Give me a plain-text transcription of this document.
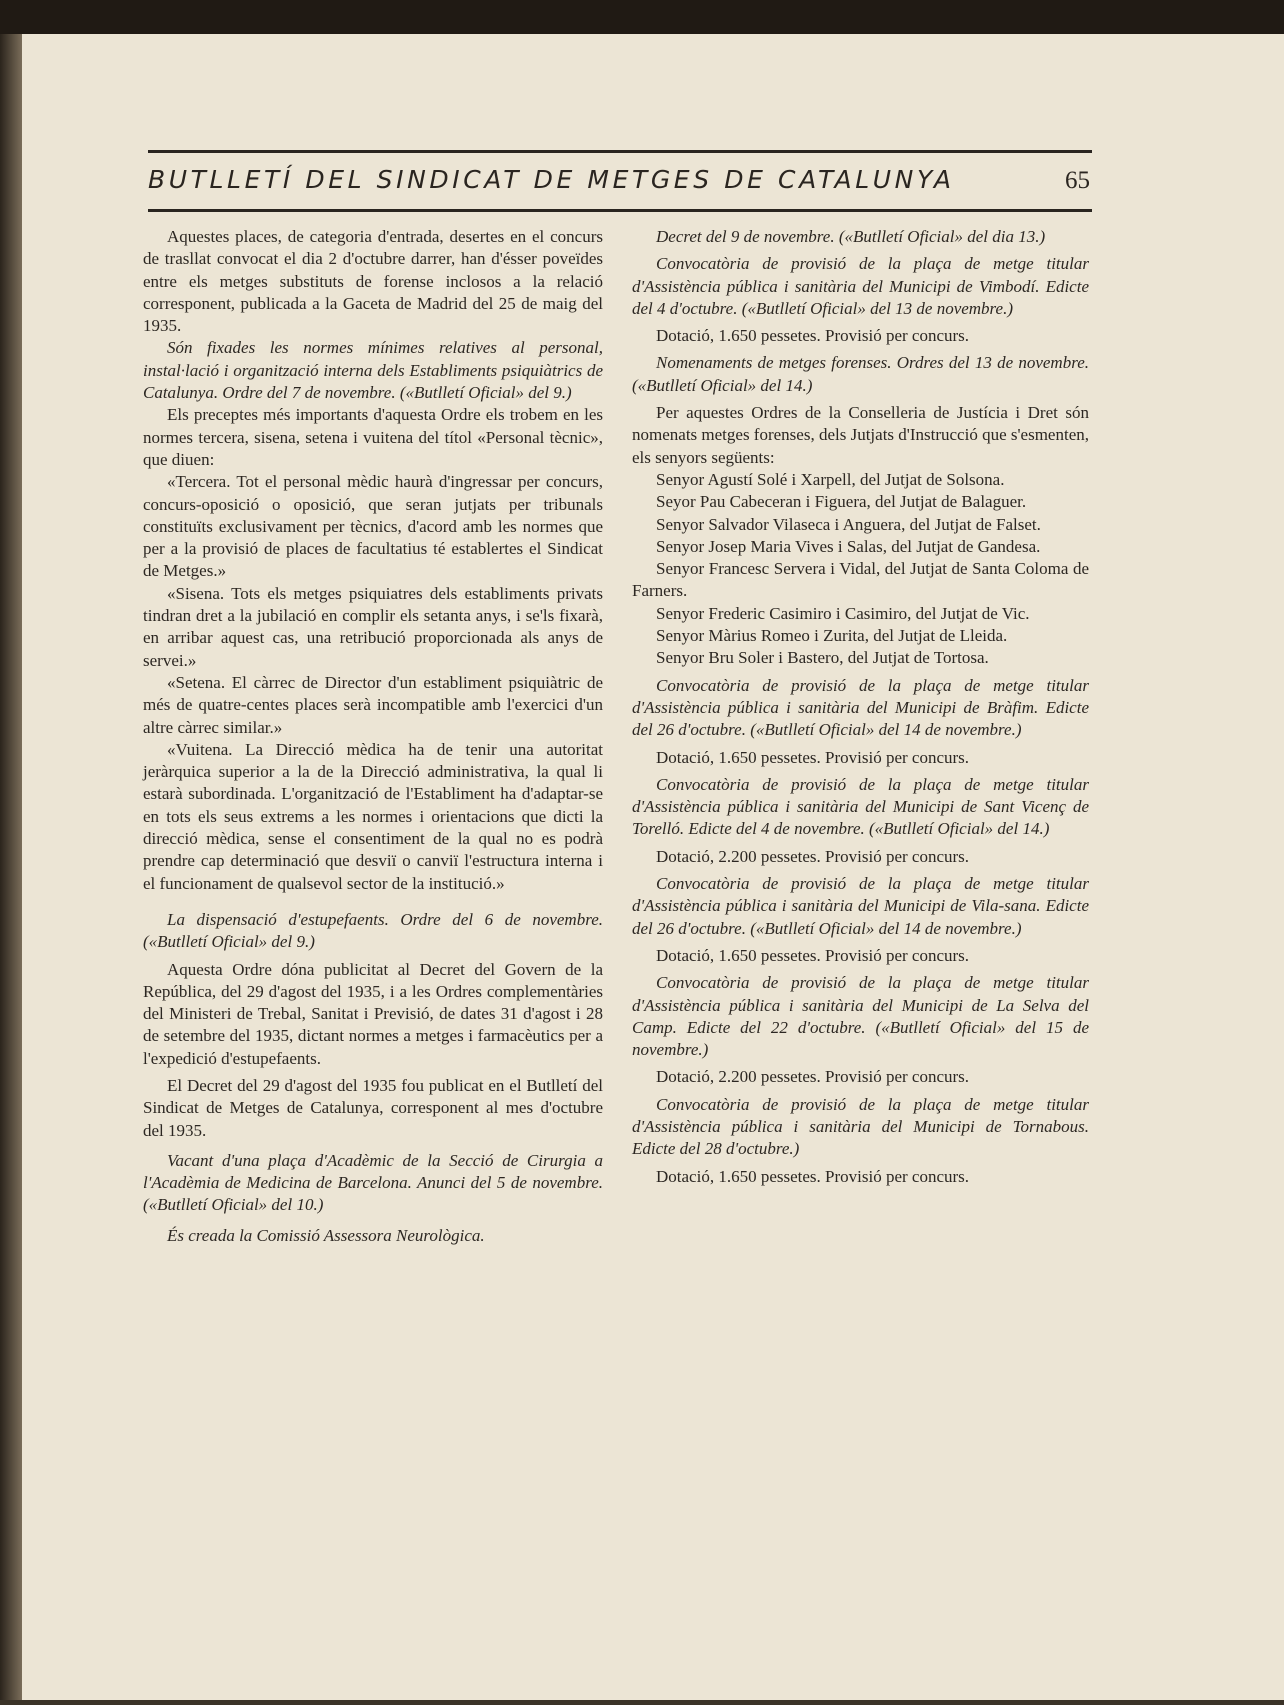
BUTLLETÍ DEL SINDICAT DE METGES DE CATALUNYA	65

Aquestes places, de categoria d'entrada, desertes en el concurs de trasllat convocat el dia 2 d'octubre darrer, han d'ésser poveïdes entre els metges substituts de forense inclosos a la relació corresponent, publicada a la Gaceta de Madrid del 25 de maig del 1935.

Són fixades les normes mínimes relatives al personal, instal·lació i organització interna dels Establiments psiquiàtrics de Catalunya. Ordre del 7 de novembre. («Butlletí Oficial» del 9.)

Els preceptes més importants d'aquesta Ordre els trobem en les normes tercera, sisena, setena i vuitena del títol «Personal tècnic», que diuen:

«Tercera. Tot el personal mèdic haurà d'ingressar per concurs, concurs-oposició o oposició, que seran jutjats per tribunals constituïts exclusivament per tècnics, d'acord amb les normes que per a la provisió de places de facultatius té establertes el Sindicat de Metges.»

«Sisena. Tots els metges psiquiatres dels establiments privats tindran dret a la jubilació en complir els setanta anys, i se'ls fixarà, en arribar aquest cas, una retribució proporcionada als anys de servei.»

«Setena. El càrrec de Director d'un establiment psiquiàtric de més de quatre-centes places serà incompatible amb l'exercici d'un altre càrrec similar.»

«Vuitena. La Direcció mèdica ha de tenir una autoritat jeràrquica superior a la de la Direcció administrativa, la qual li estarà subordinada. L'organització de l'Establiment ha d'adaptar-se en tots els seus extrems a les normes i orientacions que dicti la direcció mèdica, sense el consentiment de la qual no es podrà prendre cap determinació que desviï o canviï l'estructura interna i el funcionament de qualsevol sector de la institució.»

La dispensació d'estupefaents. Ordre del 6 de novembre. («Butlletí Oficial» del 9.)

Aquesta Ordre dóna publicitat al Decret del Govern de la República, del 29 d'agost del 1935, i a les Ordres complementàries del Ministeri de Trebal, Sanitat i Previsió, de dates 31 d'agost i 28 de setembre del 1935, dictant normes a metges i farmacèutics per a l'expedició d'estupefaents.

El Decret del 29 d'agost del 1935 fou publicat en el Butlletí del Sindicat de Metges de Catalunya, corresponent al mes d'octubre del 1935.

Vacant d'una plaça d'Acadèmic de la Secció de Cirurgia a l'Acadèmia de Medicina de Barcelona. Anunci del 5 de novembre. («Butlletí Oficial» del 10.)

És creada la Comissió Assessora Neurològica.

Decret del 9 de novembre. («Butlletí Oficial» del dia 13.)

Convocatòria de provisió de la plaça de metge titular d'Assistència pública i sanitària del Municipi de Vimbodí. Edicte del 4 d'octubre. («Butlletí Oficial» del 13 de novembre.)

Dotació, 1.650 pessetes. Provisió per concurs.

Nomenaments de metges forenses. Ordres del 13 de novembre. («Butlletí Oficial» del 14.)

Per aquestes Ordres de la Conselleria de Justícia i Dret són nomenats metges forenses, dels Jutjats d'Instrucció que s'esmenten, els senyors següents:

Senyor Agustí Solé i Xarpell, del Jutjat de Solsona.

Seyor Pau Cabeceran i Figuera, del Jutjat de Balaguer.

Senyor Salvador Vilaseca i Anguera, del Jutjat de Falset.

Senyor Josep Maria Vives i Salas, del Jutjat de Gandesa.

Senyor Francesc Servera i Vidal, del Jutjat de Santa Coloma de Farners.

Senyor Frederic Casimiro i Casimiro, del Jutjat de Vic.

Senyor Màrius Romeo i Zurita, del Jutjat de Lleida.

Senyor Bru Soler i Bastero, del Jutjat de Tortosa.

Convocatòria de provisió de la plaça de metge titular d'Assistència pública i sanitària del Municipi de Bràfim. Edicte del 26 d'octubre. («Butlletí Oficial» del 14 de novembre.)

Dotació, 1.650 pessetes. Provisió per concurs.

Convocatòria de provisió de la plaça de metge titular d'Assistència pública i sanitària del Municipi de Sant Vicenç de Torelló. Edicte del 4 de novembre. («Butlletí Oficial» del 14.)

Dotació, 2.200 pessetes. Provisió per concurs.

Convocatòria de provisió de la plaça de metge titular d'Assistència pública i sanitària del Municipi de Vila-sana. Edicte del 26 d'octubre. («Butlletí Oficial» del 14 de novembre.)

Dotació, 1.650 pessetes. Provisió per concurs.

Convocatòria de provisió de la plaça de metge titular d'Assistència pública i sanitària del Municipi de La Selva del Camp. Edicte del 22 d'octubre. («Butlletí Oficial» del 15 de novembre.)

Dotació, 2.200 pessetes. Provisió per concurs.

Convocatòria de provisió de la plaça de metge titular d'Assistència pública i sanitària del Municipi de Tornabous. Edicte del 28 d'octubre.)

Dotació, 1.650 pessetes. Provisió per concurs.
